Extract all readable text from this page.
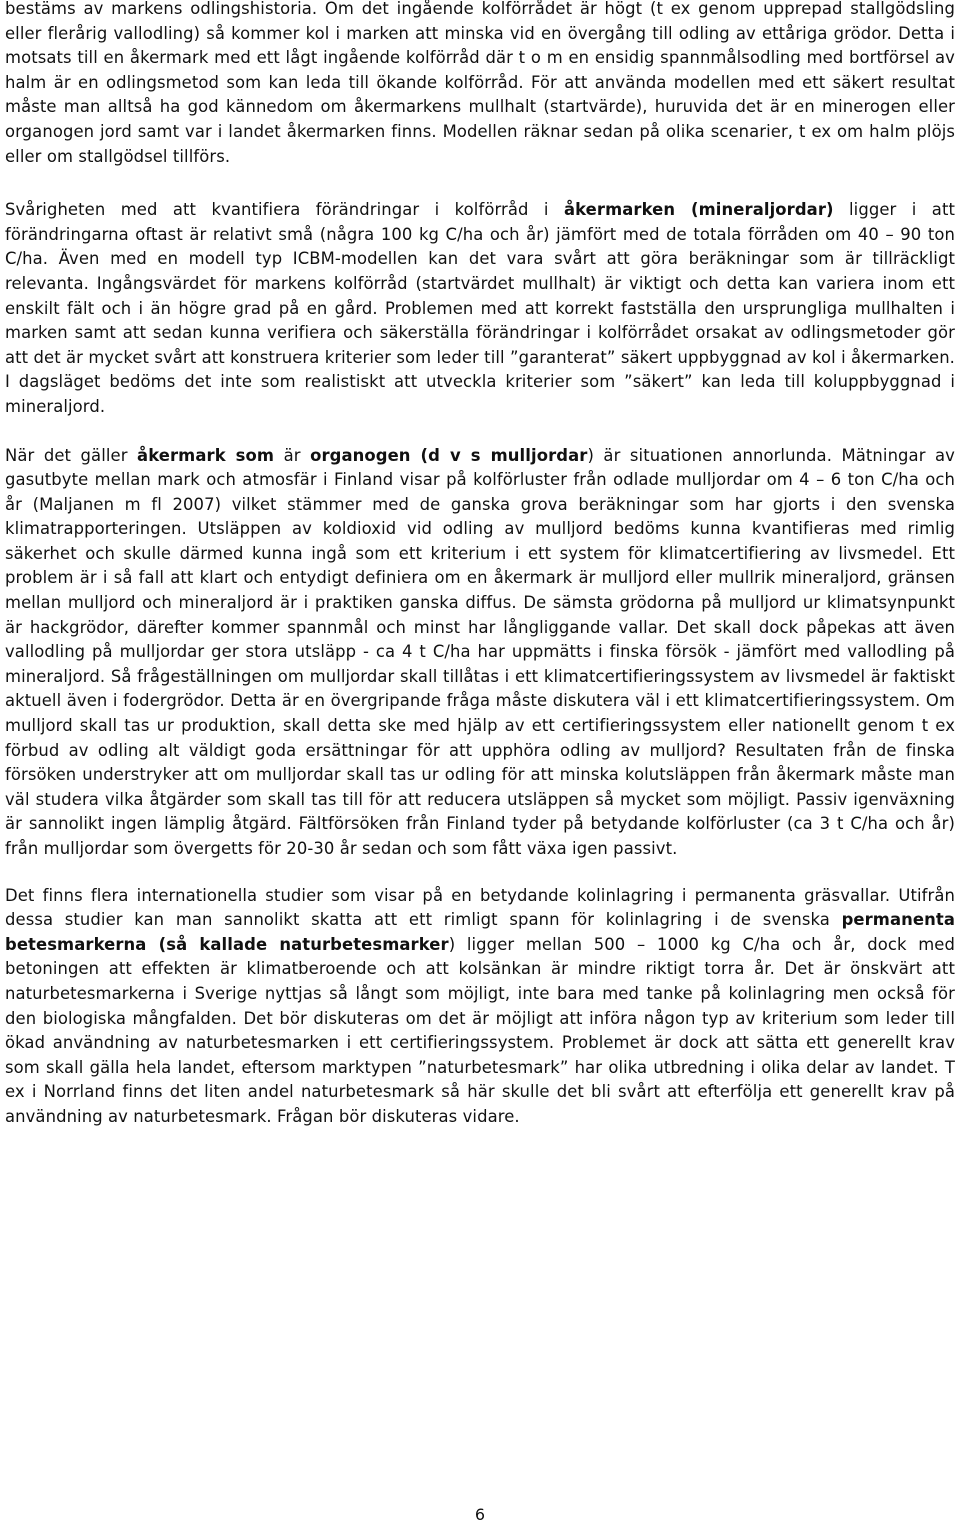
bestäms av markens odlingshistoria. Om det ingående kolförrådet är högt (t ex genom upprepad stallgödsling eller flerårig vallodling) så kommer kol i marken att minska vid en övergång till odling av ettåriga grödor. Detta i motsats till en åkermark med ett lågt ingående kolförråd där t o m en ensidig spannmålsodling med bortförsel av halm är en odlingsmetod som kan leda till ökande kolförråd. För att använda modellen med ett säkert resultat måste man alltså ha god kännedom om åkermarkens mullhalt (startvärde), huruvida det är en minerogen eller organogen jord samt var i landet åkermarken finns. Modellen räknar sedan på olika scenarier, t ex om halm plöjs eller om stallgödsel tillförs.

Svårigheten med att kvantifiera förändringar i kolförråd i åkermarken (mineraljordar) ligger i att förändringarna oftast är relativt små (några 100 kg C/ha och år) jämfört med de totala förråden om 40 – 90 ton C/ha. Även med en modell typ ICBM-modellen kan det vara svårt att göra beräkningar som är tillräckligt relevanta. Ingångsvärdet för markens kolförråd (startvärdet mullhalt) är viktigt och detta kan variera inom ett enskilt fält och i än högre grad på en gård. Problemen med att korrekt fastställa den ursprungliga mullhalten i marken samt att sedan kunna verifiera och säkerställa förändringar i kolförrådet orsakat av odlingsmetoder gör att det är mycket svårt att konstruera kriterier som leder till ”garanterat” säkert uppbyggnad av kol i åkermarken. I dagsläget bedöms det inte som realistiskt att utveckla kriterier som ”säkert” kan leda till koluppbyggnad i mineraljord.

När det gäller åkermark som är organogen (d v s mulljordar) är situationen annorlunda. Mätningar av gasutbyte mellan mark och atmosfär i Finland visar på kolförluster från odlade mulljordar om 4 – 6 ton C/ha och år (Maljanen m fl 2007) vilket stämmer med de ganska grova beräkningar som har gjorts i den svenska klimatrapporteringen. Utsläppen av koldioxid vid odling av mulljord bedöms kunna kvantifieras med rimlig säkerhet och skulle därmed kunna ingå som ett kriterium i ett system för klimatcertifiering av livsmedel. Ett problem är i så fall att klart och entydigt definiera om en åkermark är mulljord eller mullrik mineraljord, gränsen mellan mulljord och mineraljord är i praktiken ganska diffus. De sämsta grödorna på mulljord ur klimatsynpunkt är hackgrödor, därefter kommer spannmål och minst har långliggande vallar. Det skall dock påpekas att även vallodling på mulljordar ger stora utsläpp - ca 4 t C/ha har uppmätts i finska försök - jämfört med vallodling på mineraljord. Så frågeställningen om mulljordar skall tillåtas i ett klimatcertifieringssystem av livsmedel är faktiskt aktuell även i fodergrödor. Detta är en övergripande fråga måste diskutera väl i ett klimatcertifieringssystem. Om mulljord skall tas ur produktion, skall detta ske med hjälp av ett certifieringssystem eller nationellt genom t ex förbud av odling alt väldigt goda ersättningar för att upphöra odling av mulljord? Resultaten från de finska försöken understryker att om mulljordar skall tas ur odling för att minska kolutsläppen från åkermark måste man väl studera vilka åtgärder som skall tas till för att reducera utsläppen så mycket som möjligt. Passiv igenväxning är sannolikt ingen lämplig åtgärd. Fältförsöken från Finland tyder på betydande kolförluster (ca 3 t C/ha och år) från mulljordar som övergetts för 20-30 år sedan och som fått växa igen passivt.

Det finns flera internationella studier som visar på en betydande kolinlagring i permanenta gräsvallar. Utifrån dessa studier kan man sannolikt skatta att ett rimligt spann för kolinlagring i de svenska permanenta betesmarkerna (så kallade naturbetesmarker) ligger mellan 500 – 1000 kg C/ha och år, dock med betoningen att effekten är klimatberoende och att kolsänkan är mindre riktigt torra år. Det är önskvärt att naturbetesmarkerna i Sverige nyttjas så långt som möjligt, inte bara med tanke på kolinlagring men också för den biologiska mångfalden. Det bör diskuteras om det är möjligt att införa någon typ av kriterium som leder till ökad användning av naturbetesmarken i ett certifieringssystem. Problemet är dock att sätta ett generellt krav som skall gälla hela landet, eftersom marktypen ”naturbetesmark” har olika utbredning i olika delar av landet. T ex i Norrland finns det liten andel naturbetesmark så här skulle det bli svårt att efterfölja ett generellt krav på användning av naturbetesmark. Frågan bör diskuteras vidare.

6
